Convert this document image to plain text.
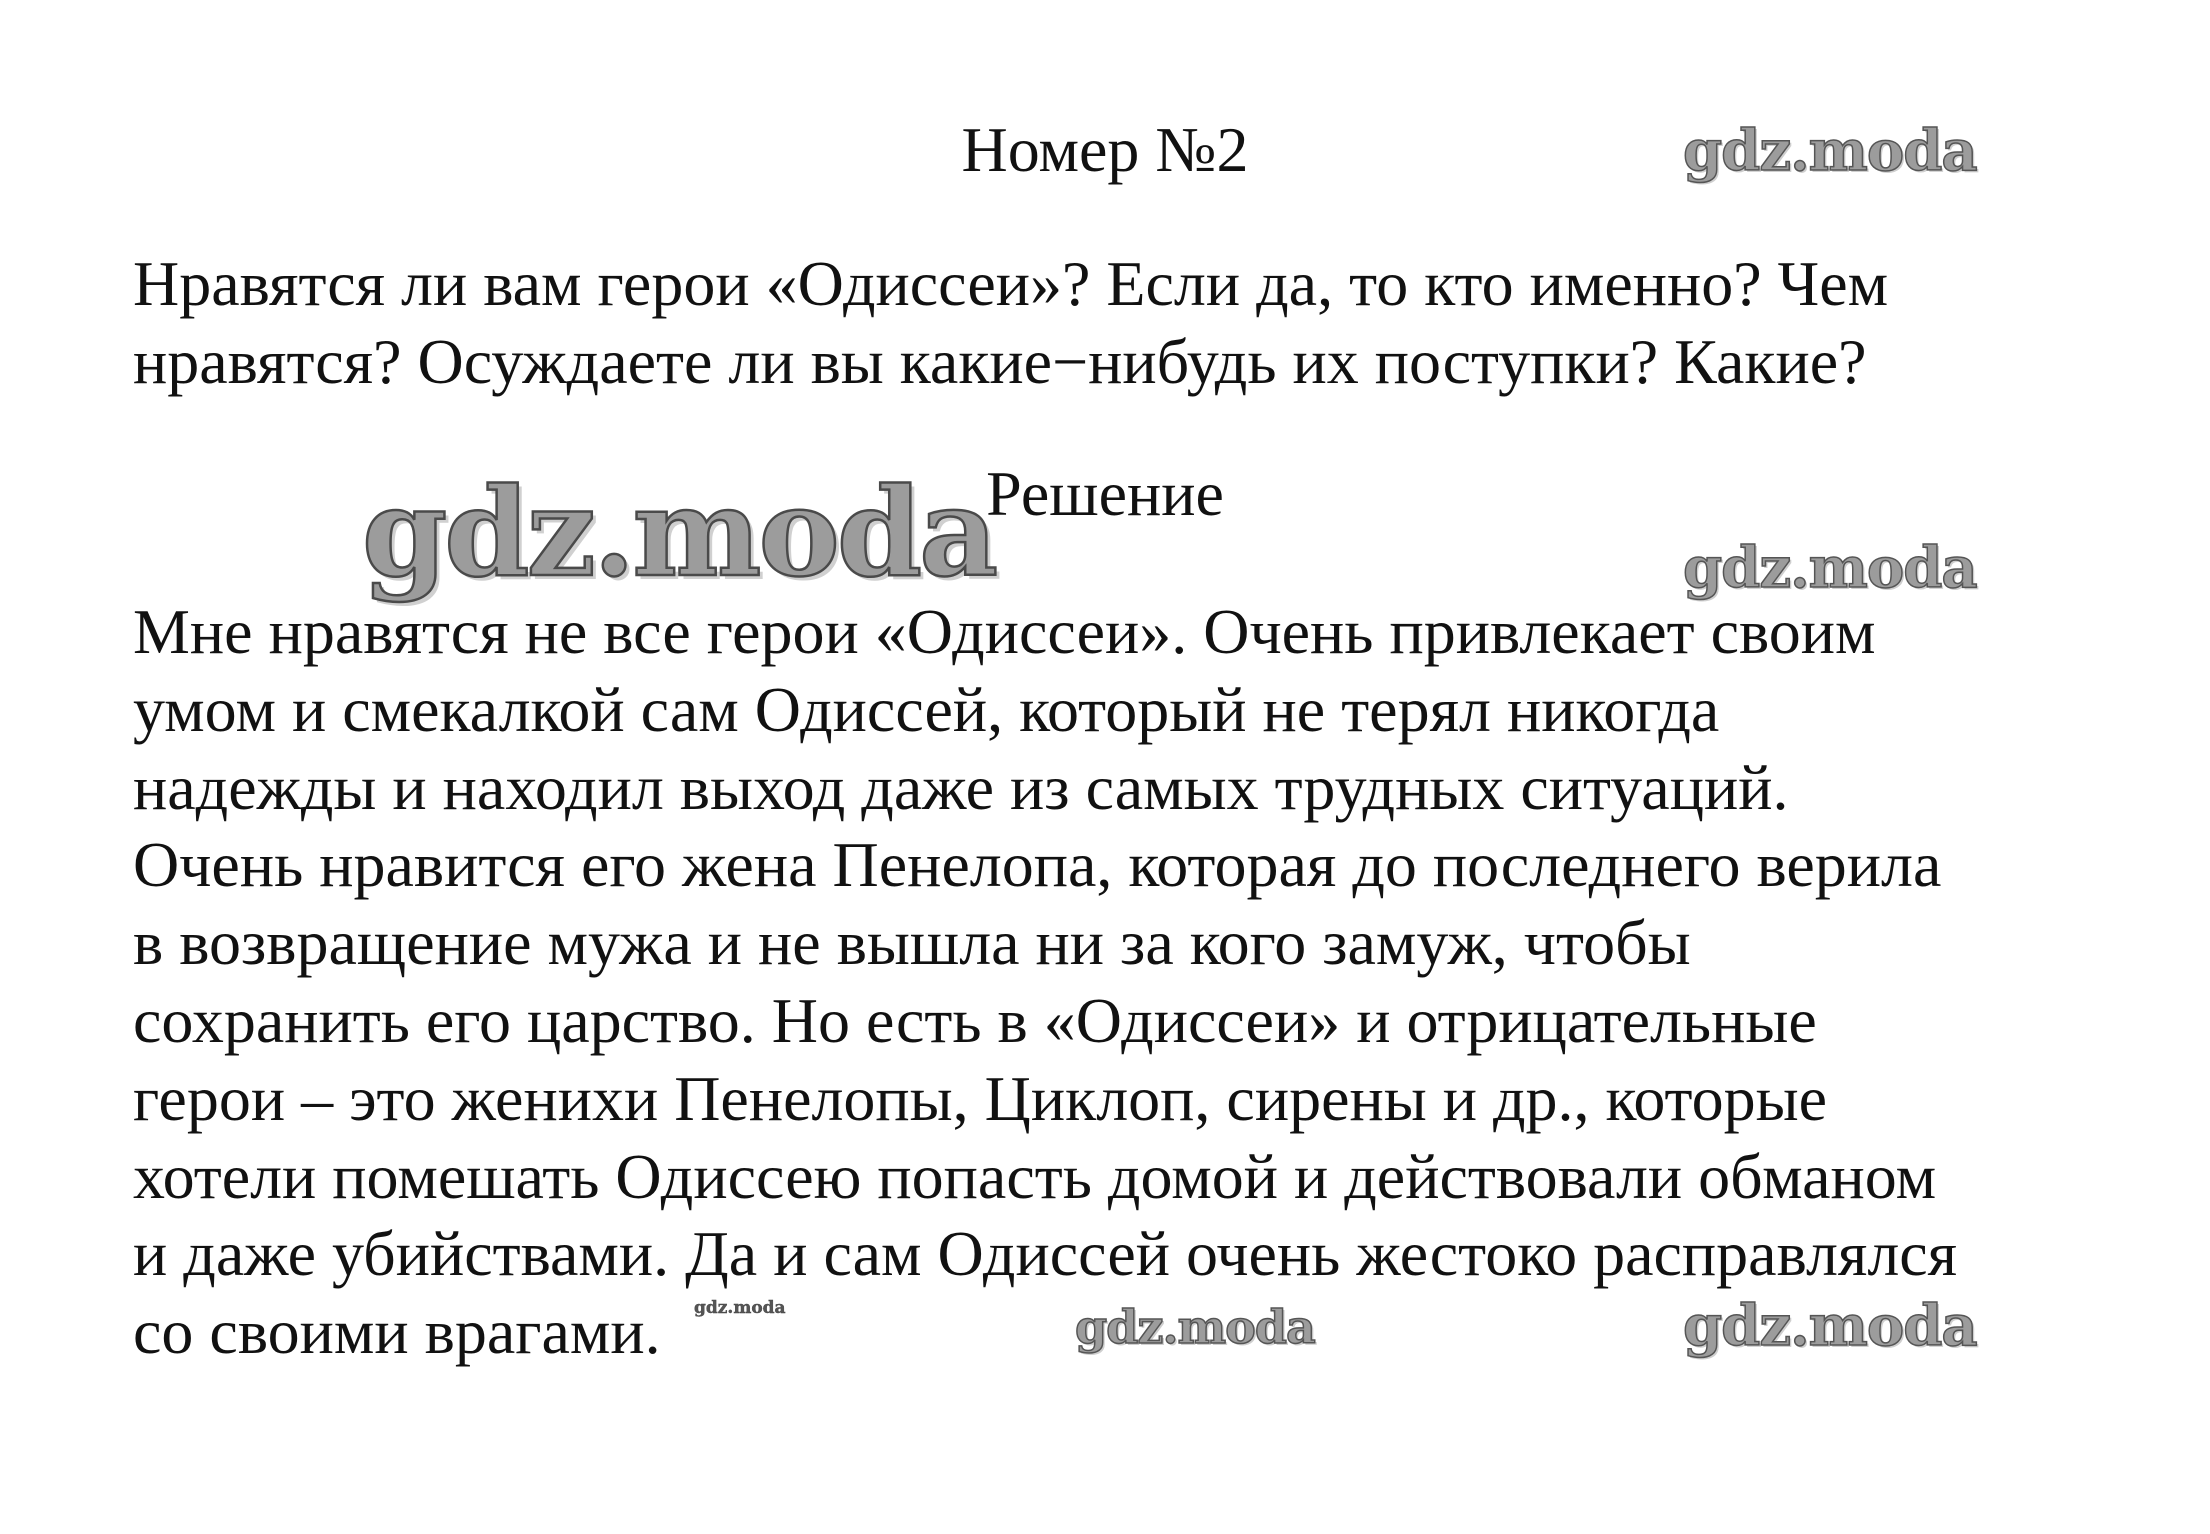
Номер №2	gdz.moda
Нравятся ли вам герои «Одиссеи»? Если да, то кто именно? Чем
нравятся? Осуждаете ли вы какие−нибудь их поступки? Какие?
gdz.moda
Решение
gdz.moda
Мне нравятся не все герои «Одиссеи». Очень привлекает своим
умом и смекалкой сам Одиссей, который не терял никогда
надежды и находил выход даже из самых трудных ситуаций.
Очень нравится его жена Пенелопа, которая до последнего верила
в возвращение мужа и не вышла ни за кого замуж, чтобы
сохранить его царство. Но есть в «Одиссеи» и отрицательные
герои – это женихи Пенелопы, Циклоп, сирены и др., которые
хотели помешать Одиссею попасть домой и действовали обманом
и даже убийствами. Да и сам Одиссей очень жестоко расправлялся
со своими врагами.	gdz.moda	gdz.moda	gdz.moda
